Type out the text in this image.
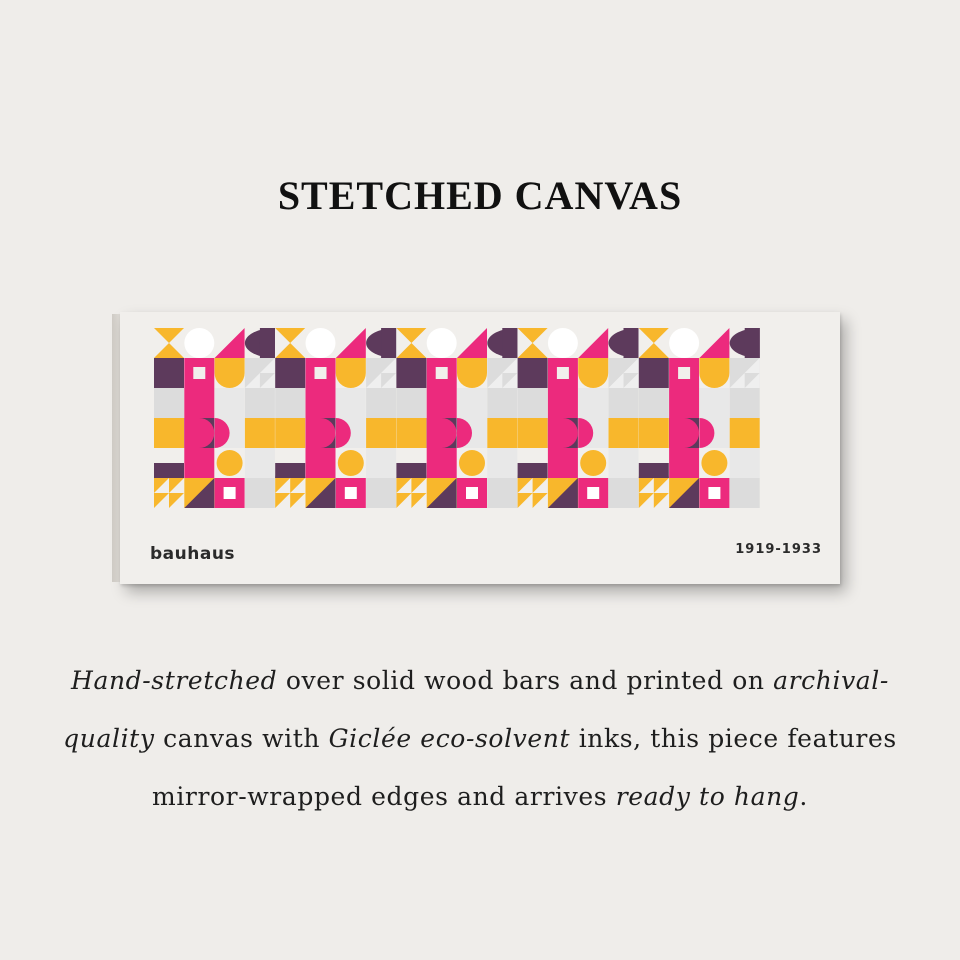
STETCHED CANVAS
bauhaus	1919-1933
Hand-stretched over solid wood bars and printed on archival-quality canvas with Giclée eco-solvent inks, this piece features mirror-wrapped edges and arrives ready to hang.
